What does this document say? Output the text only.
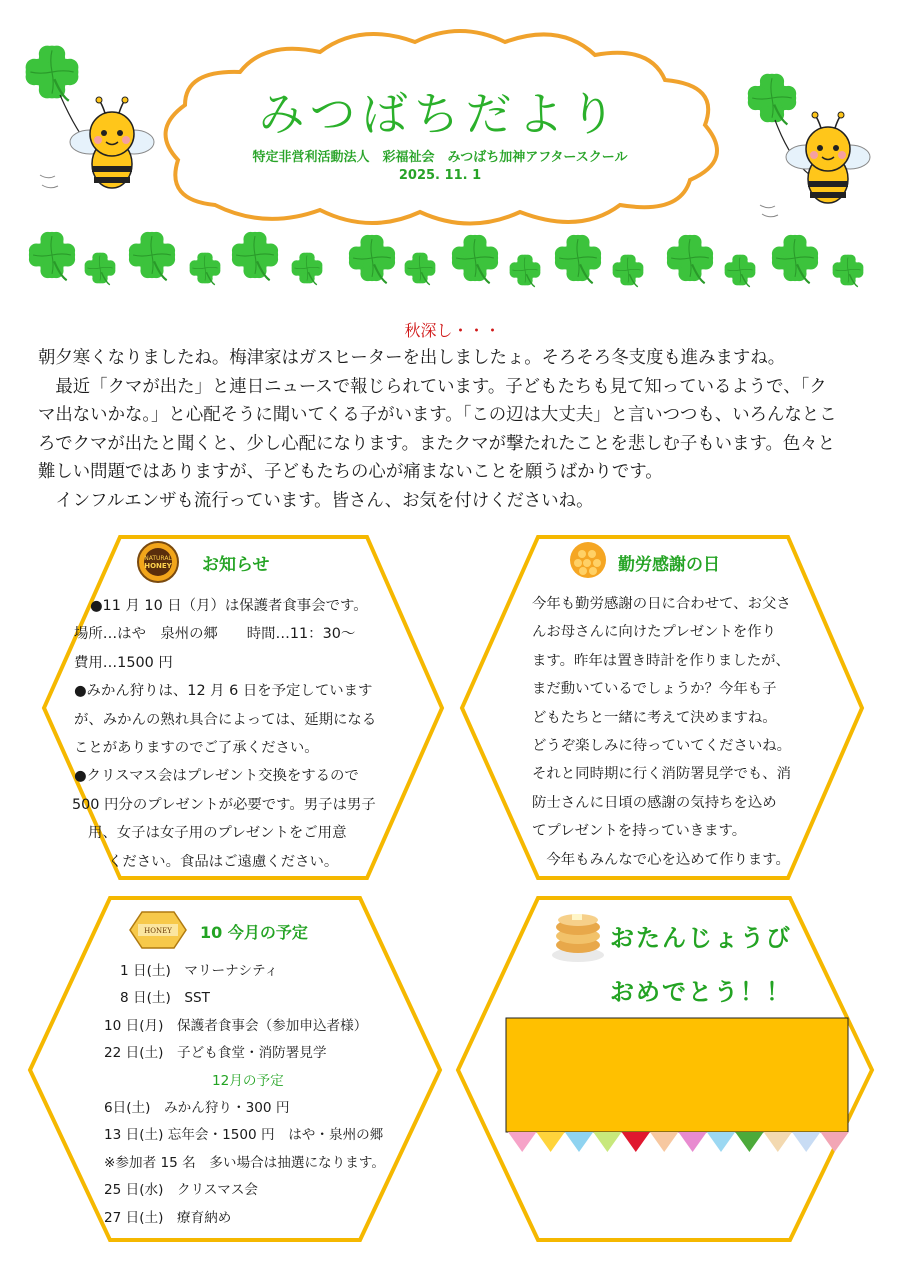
NATURAL
HONEY
HONEY
みつばちだより
特定非営利活動法人　彩福祉会　みつばち加神アフタースクール
2025. 11. 1
秋深し・・・

朝夕寒くなりましたね。梅津家はガスヒーターを出しましたょ。そろそろ冬支度も進みますね。

　最近「クマが出た」と連日ニュースで報じられています。子どもたちも見て知っているようで、「ク

マ出ないかな。」と心配そうに聞いてくる子がいます。「この辺は大丈夫」と言いつつも、いろんなとこ

ろでクマが出たと聞くと、少し心配になります。またクマが撃たれたことを悲しむ子もいます。色々と

難しい問題ではありますが、子どもたちの心が痛まないことを願うばかりです。

　インフルエンザも流行っています。皆さん、お気を付けくださいね。

お知らせ

●11 月 10 日（月）は保護者食事会です。

場所…はや　泉州の郷　　時間…11：30～

費用…1500 円

●みかん狩りは、12 月 6 日を予定しています

が、みかんの熟れ具合によっては、延期になる

ことがありますのでご了承ください。

●クリスマス会はプレゼント交換をするので

500 円分のプレゼントが必要です。男子は男子

用、女子は女子用のプレゼントをご用意

ください。食品はご遠慮ください。

勤労感謝の日

今年も勤労感謝の日に合わせて、お父さ

んお母さんに向けたプレゼントを作り

ます。昨年は置き時計を作りましたが、

まだ動いているでしょうか？今年も子

どもたちと一緒に考えて決めますね。

どうぞ楽しみに待っていてくださいね。

それと同時期に行く消防署見学でも、消

防士さんに日頃の感謝の気持ちを込め

てプレゼントを持っていきます。

　今年もみんなで心を込めて作ります。

10 今月の予定

1 日(土)　マリーナシティ

8 日(土)　SST

10 日(月)　保護者食事会（参加申込者様）

22 日(土)　子ども食堂・消防署見学

12月の予定

6日(土)　みかん狩り・300 円

13 日(土) 忘年会・1500 円　はや・泉州の郷

※参加者 15 名　多い場合は抽選になります。

25 日(水)　クリスマス会

27 日(土)　療育納め

おたんじょうび
おめでとう！！
